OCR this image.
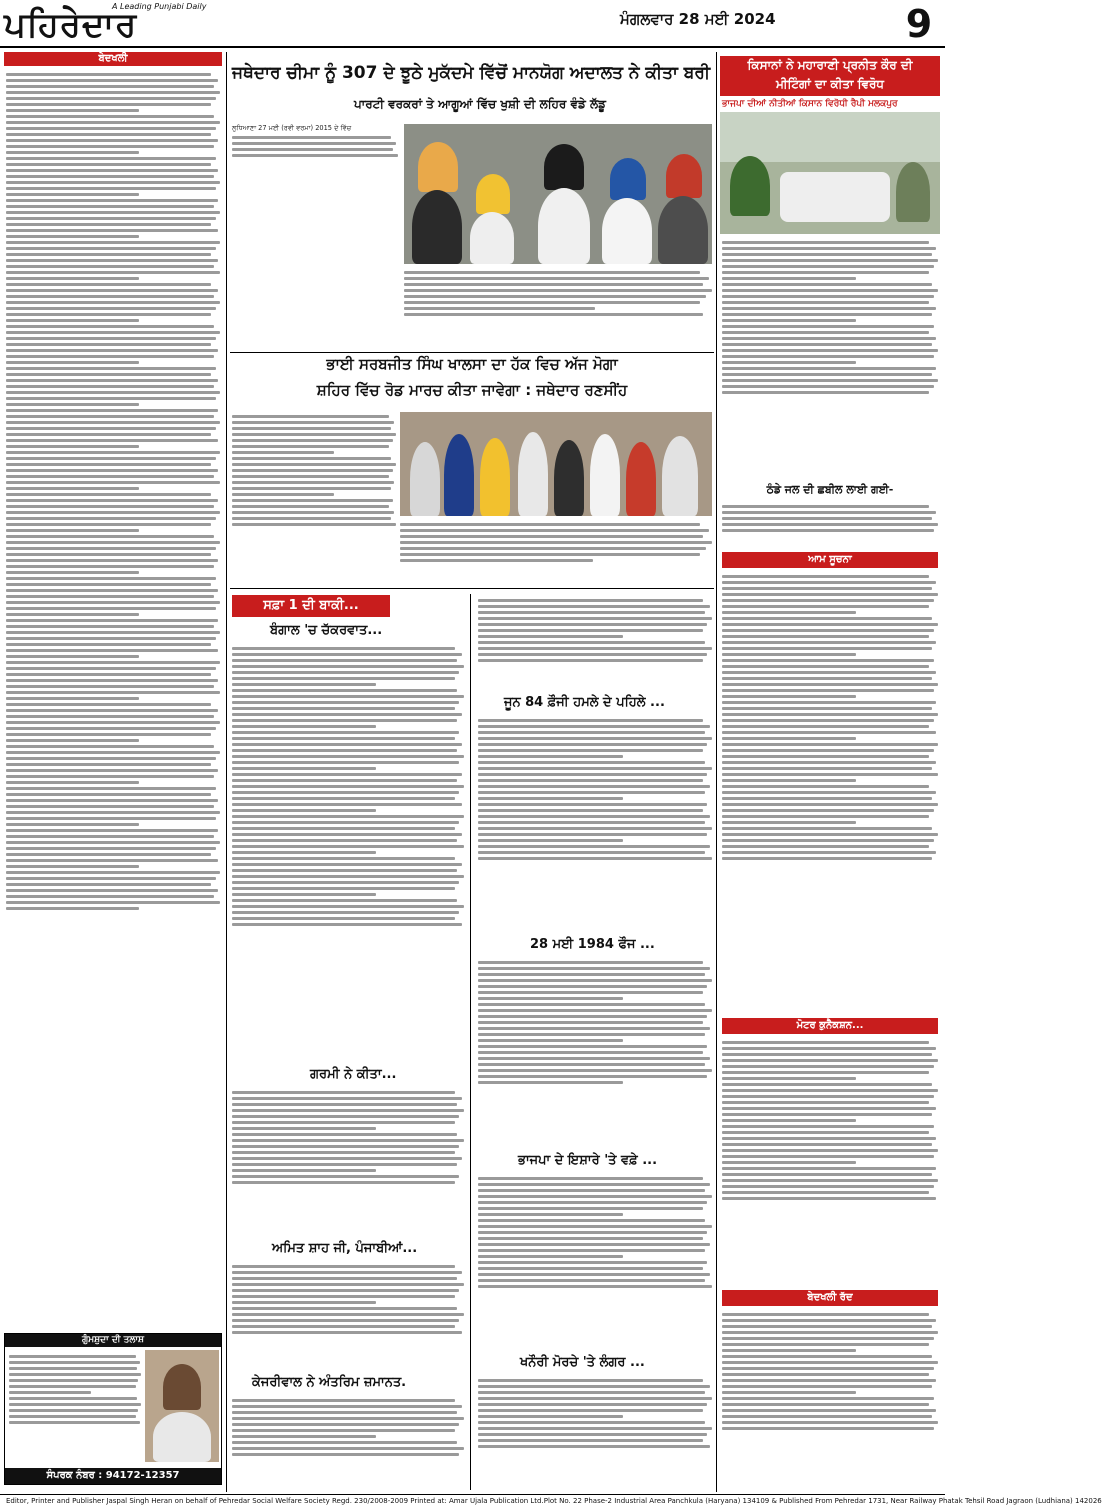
ਪਹਿਰੇਦਾਰ
A Leading Punjabi Daily
ਮੰਗਲਵਾਰ 28 ਮਈ 2024	9
ਬੇਦਖਲੀ
ਗੁੰਮਸ਼ੁਦਾ ਦੀ ਤਲਾਸ਼
ਸੰਪਰਕ ਨੰਬਰ : 94172-12357
ਜਥੇਦਾਰ ਚੀਮਾ ਨੂੰ 307 ਦੇ ਝੂਠੇ ਮੁਕੱਦਮੇ ਵਿੱਚੋਂ ਮਾਨਯੋਗ ਅਦਾਲਤ ਨੇ ਕੀਤਾ ਬਰੀ
ਪਾਰਟੀ ਵਰਕਰਾਂ ਤੇ ਆਗੂਆਂ ਵਿੱਚ ਖੁਸ਼ੀ ਦੀ ਲਹਿਰ ਵੰਡੇ ਲੱਡੂ
ਲੁਧਿਆਣਾ 27 ਮਈ (ਰਵੀ ਵਰਮਾ) 2015 ਦੇ ਵਿੱਚ
ਭਾਈ ਸਰਬਜੀਤ ਸਿੰਘ ਖਾਲਸਾ ਦਾ ਹੱਕ ਵਿਚ ਅੱਜ ਮੋਗਾ
ਸ਼ਹਿਰ ਵਿੱਚ ਰੋਡ ਮਾਰਚ ਕੀਤਾ ਜਾਵੇਗਾ : ਜਥੇਦਾਰ ਰਣਸੀਂਹ
ਸਫ਼ਾ 1 ਦੀ ਬਾਕੀ...
ਬੰਗਾਲ 'ਚ ਚੱਕਰਵਾਤ...
ਗਰਮੀ ਨੇ ਕੀਤਾ...
ਅਮਿਤ ਸ਼ਾਹ ਜੀ, ਪੰਜਾਬੀਆਂ...
ਕੇਜਰੀਵਾਲ ਨੇ ਅੰਤਰਿਮ ਜ਼ਮਾਨਤ.
ਜੂਨ 84 ਫ਼ੌਜੀ ਹਮਲੇ ਦੇ ਪਹਿਲੇ ...
28 ਮਈ 1984 ਫੌਜ ...
ਭਾਜਪਾ ਦੇ ਇਸ਼ਾਰੇ 'ਤੇ ਵਫ਼ੇ ...
ਖਨੌਰੀ ਮੋਰਚੇ 'ਤੇ ਲੰਗਰ ...
ਕਿਸਾਨਾਂ ਨੇ ਮਹਾਰਾਣੀ ਪ੍ਰਨੀਤ ਕੌਰ ਦੀ
ਮੀਟਿੰਗਾਂ ਦਾ ਕੀਤਾ ਵਿਰੋਧ
ਭਾਜਪਾ ਦੀਆਂ ਨੀਤੀਆਂ ਕਿਸਾਨ ਵਿਰੋਧੀ ਰੈਪੀ ਮਲਕਪੁਰ
ਠੰਡੇ ਜਲ ਦੀ ਛਬੀਲ ਲਾਈ ਗਈ-
ਆਮ ਸੂਚਨਾ
ਮੋਟਰ ਕੁਨੈਕਸ਼ਨ...
ਬੇਦਖਲੀ ਰੱਦ
Editor, Printer and Publisher Jaspal Singh Heran on behalf of Pehredar Social Welfare Society Regd. 230/2008-2009 Printed at: Amar Ujala Publication Ltd.Plot No. 22 Phase-2 Industrial Area Panchkula (Haryana) 134109 & Published From Pehredar 1731, Near Railway Phatak Tehsil Road Jagraon (Ludhiana) 142026
